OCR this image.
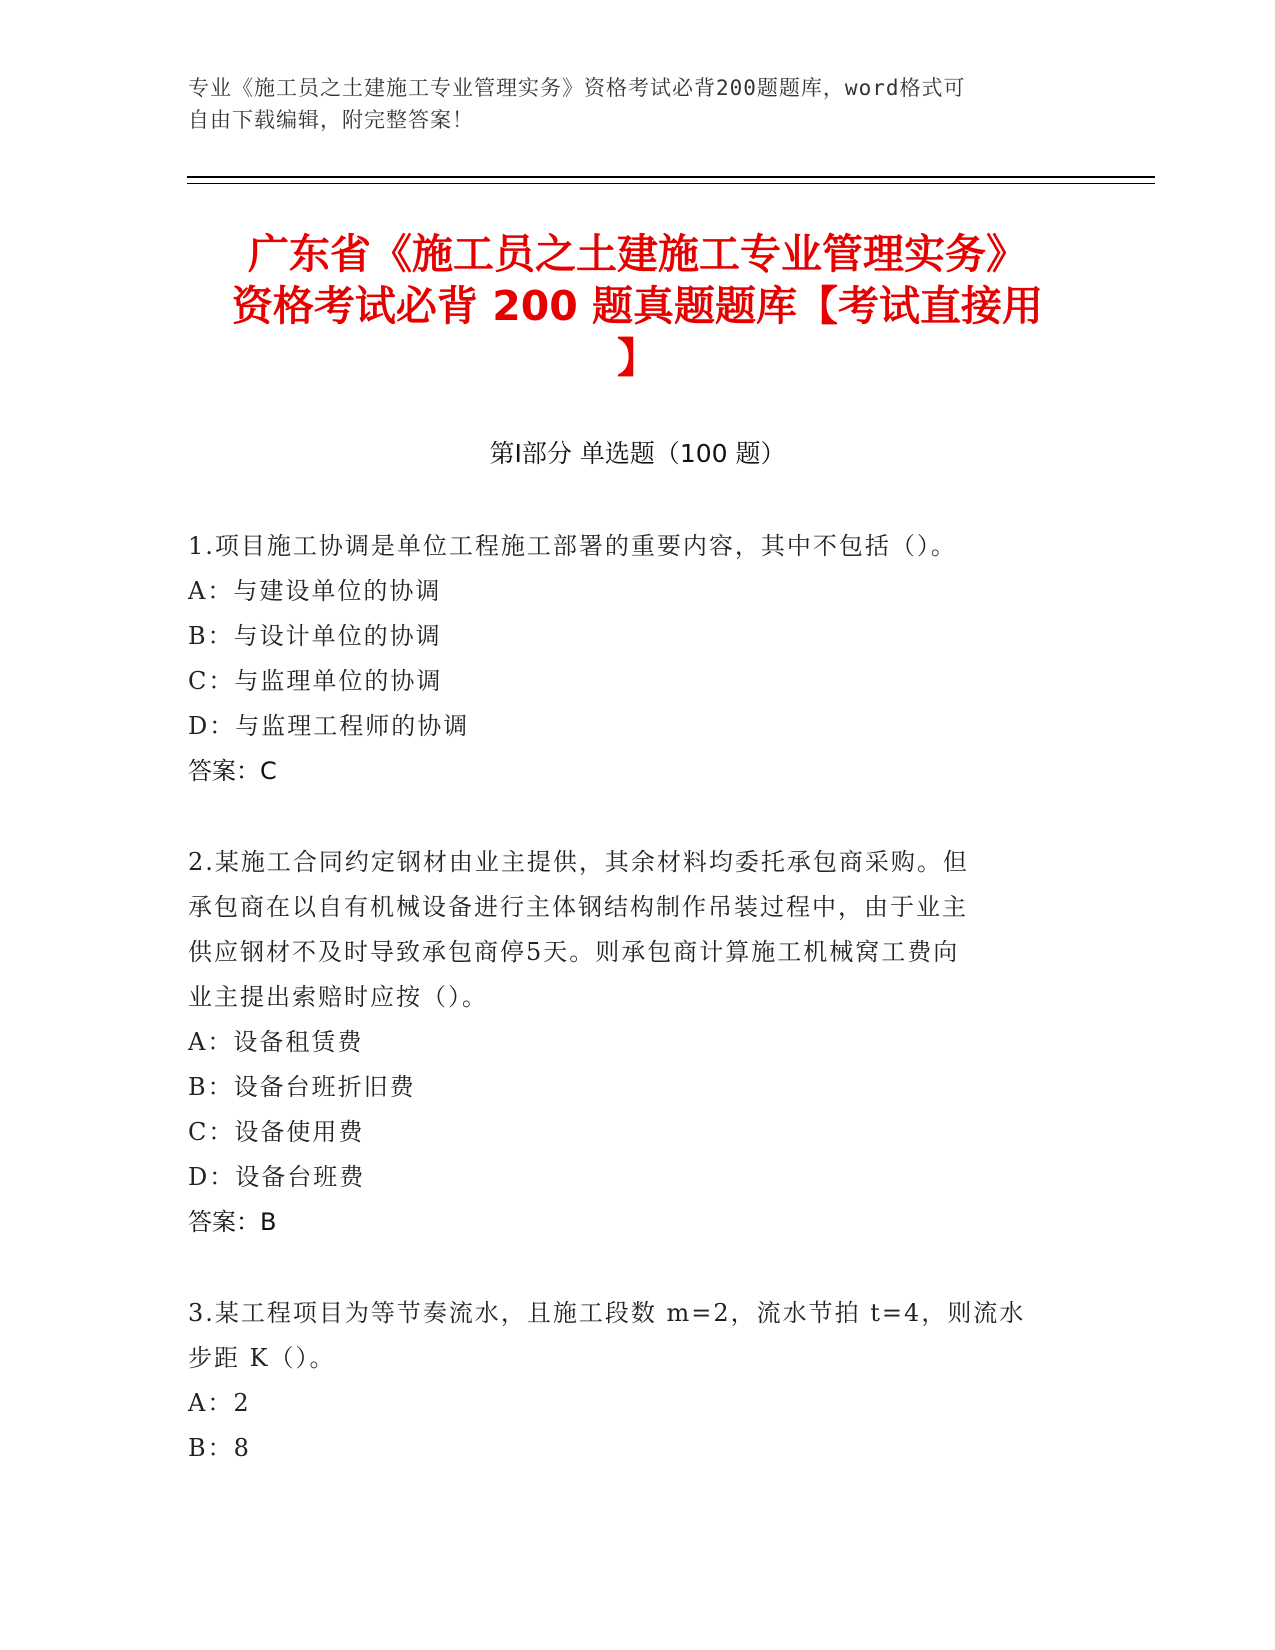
专业《施工员之土建施工专业管理实务》资格考试必背200题题库，word格式可
自由下载编辑，附完整答案！
广东省《施工员之土建施工专业管理实务》
资格考试必背 200 题真题题库【考试直接用
】
第Ⅰ部分 单选题（100 题）
1.项目施工协调是单位工程施工部署的重要内容，其中不包括（）。
A：与建设单位的协调
B：与设计单位的协调
C：与监理单位的协调
D：与监理工程师的协调
答案：C
2.某施工合同约定钢材由业主提供，其余材料均委托承包商采购。但
承包商在以自有机械设备进行主体钢结构制作吊装过程中，由于业主
供应钢材不及时导致承包商停5天。则承包商计算施工机械窝工费向
业主提出索赔时应按（）。
A：设备租赁费
B：设备台班折旧费
C：设备使用费
D：设备台班费
答案：B
3.某工程项目为等节奏流水，且施工段数 m=2，流水节拍 t=4，则流水
步距 K（）。
A：2
B：8
